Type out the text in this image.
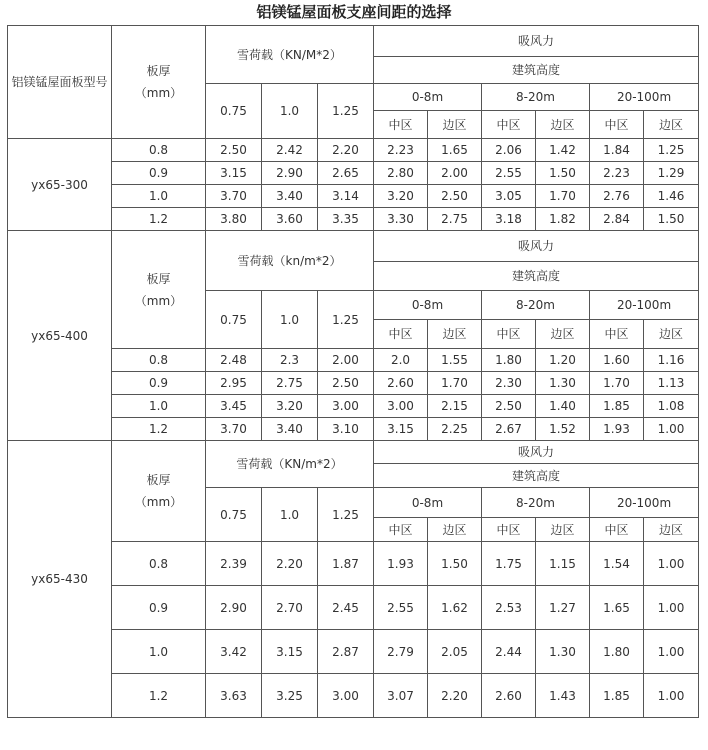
铝镁锰屋面板支座间距的选择
铝镁锰屋面板型号	板厚
（mm）	雪荷载（KN/M*2）			吸风力					
					建筑高度					
		0.75	1.0	1.25	0-8m		8-20m		20-100m	
					中区	边区	中区	边区	中区	边区
yx65-300	0.8	2.50	2.42	2.20	2.23	1.65	2.06	1.42	1.84	1.25
	0.9	3.15	2.90	2.65	2.80	2.00	2.55	1.50	2.23	1.29
	1.0	3.70	3.40	3.14	3.20	2.50	3.05	1.70	2.76	1.46
	1.2	3.80	3.60	3.35	3.30	2.75	3.18	1.82	2.84	1.50
yx65-400	板厚
（mm）	雪荷载（kn/m*2）			吸风力					
					建筑高度					
		0.75	1.0	1.25	0-8m		8-20m		20-100m	
					中区	边区	中区	边区	中区	边区
	0.8	2.48	2.3	2.00	2.0	1.55	1.80	1.20	1.60	1.16
	0.9	2.95	2.75	2.50	2.60	1.70	2.30	1.30	1.70	1.13
	1.0	3.45	3.20	3.00	3.00	2.15	2.50	1.40	1.85	1.08
	1.2	3.70	3.40	3.10	3.15	2.25	2.67	1.52	1.93	1.00
yx65-430	板厚
（mm）	雪荷载（KN/m*2）			吸风力					
					建筑高度					
		0.75	1.0	1.25	0-8m		8-20m		20-100m	
					中区	边区	中区	边区	中区	边区
	0.8	2.39	2.20	1.87	1.93	1.50	1.75	1.15	1.54	1.00
	0.9	2.90	2.70	2.45	2.55	1.62	2.53	1.27	1.65	1.00
	1.0	3.42	3.15	2.87	2.79	2.05	2.44	1.30	1.80	1.00
	1.2	3.63	3.25	3.00	3.07	2.20	2.60	1.43	1.85	1.00
